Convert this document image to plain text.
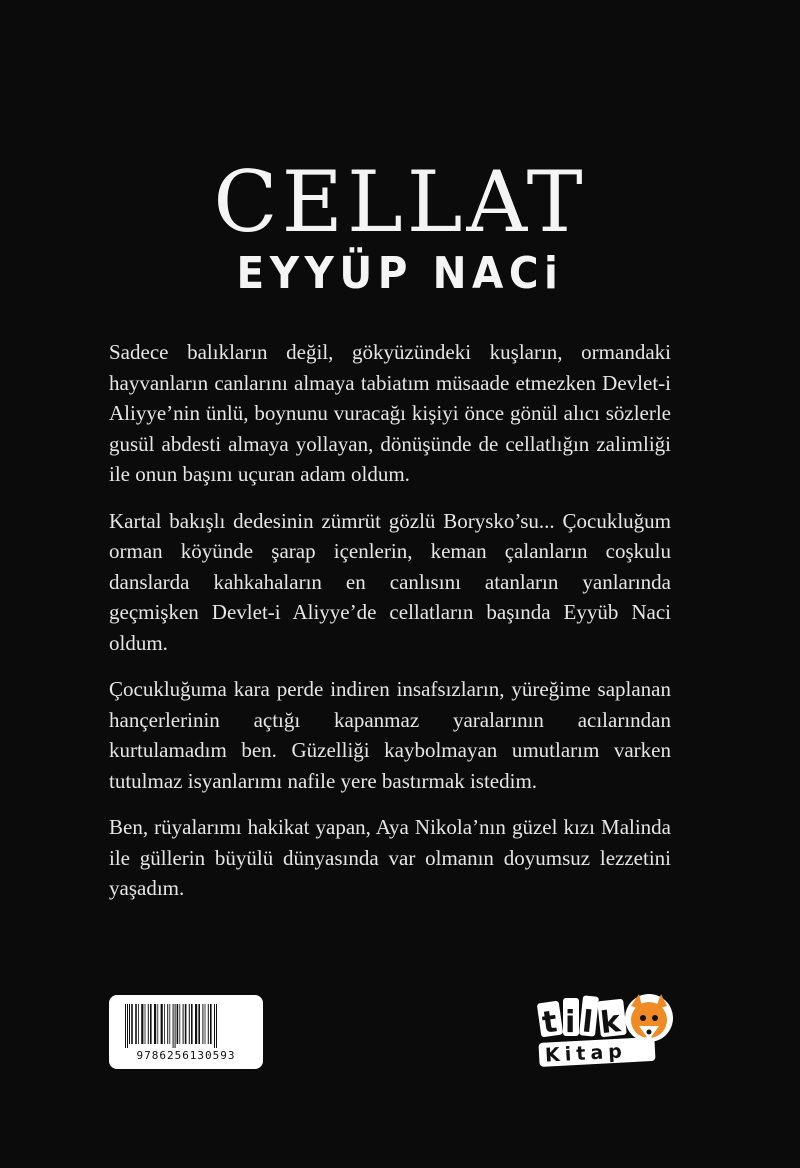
CELLAT
EYYÜP NACi

Sadece balıkların değil, gökyüzündeki kuşların, ormandaki hayvanların canlarını almaya tabiatım müsaade etmezken Devlet-i Aliyye’nin ünlü, boynunu vuracağı kişiyi önce gönül alıcı sözlerle gusül abdesti almaya yollayan, dönüşünde de cellatlığın zalimliği ile onun başını uçuran adam oldum.

Kartal bakışlı dedesinin zümrüt gözlü Borysko’su... Çocukluğum orman köyünde şarap içenlerin, keman çalanların coşkulu danslarda kahkahaların en canlısını atanların yanlarında geçmişken Devlet-i Aliyye’de cellatların başında Eyyüb Naci oldum.

Çocukluğuma kara perde indiren insafsızların, yüreğime saplanan hançerlerinin açtığı kapanmaz yaralarının acılarından kurtulamadım ben. Güzelliği kaybolmayan umutlarım varken tutulmaz isyanlarımı nafile yere bastırmak istedim.

Ben, rüyalarımı hakikat yapan, Aya Nikola’nın güzel kızı Malinda ile güllerin büyülü dünyasında var olmanın doyumsuz lezzetini yaşadım.

9786256130593
t i l k
Kitap
